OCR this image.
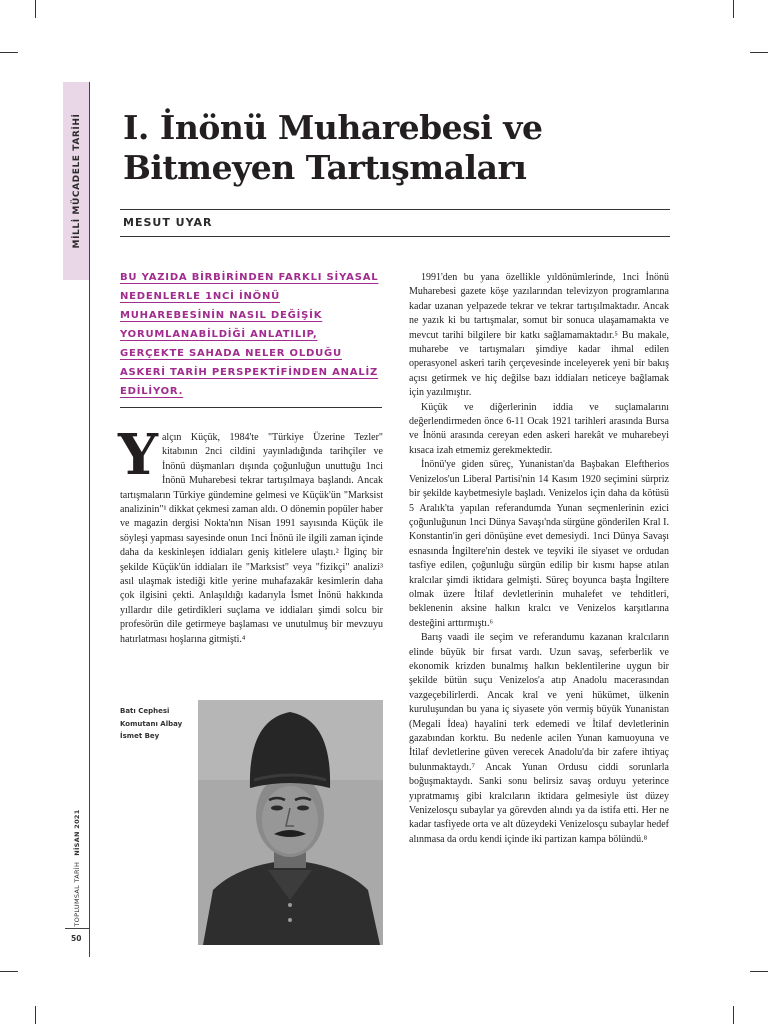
MİLLİ MÜCADELE TARİHİ
TOPLUMSAL TARİHNİSAN 2021
50
I. İnönü Muharebesi ve
Bitmeyen Tartışmaları
MESUT UYAR
BU YAZIDA BİRBİRİNDEN FARKLI SİYASAL NEDENLERLE 1NCİ İNÖNÜ MUHAREBESİNİN NASIL DEĞİŞİK YORUMLANABİLDİĞİ ANLATILIP, GERÇEKTE SAHADA NELER OLDUĞU ASKERİ TARİH PERSPEKTİFİNDEN ANALİZ EDİLİYOR.

Yalçın Küçük, 1984'te "Türkiye Üzerine Tezler" kitabının 2nci cildini yayınladığında tarihçiler ve İnönü düşmanları dışında çoğunluğun unuttuğu 1nci İnönü Muharebesi tekrar tartışılmaya başlandı. Ancak tartışmaların Türkiye gündemine gelmesi ve Küçük'ün "Marksist analizinin"¹ dikkat çekmesi zaman aldı. O dönemin popüler haber ve magazin dergisi Nokta'nın Nisan 1991 sayısında Küçük ile söyleşi yapması sayesinde onun 1nci İnönü ile ilgili zaman içinde daha da keskinleşen iddiaları geniş kitlelere ulaştı.² İlginç bir şekilde Küçük'ün iddiaları ile "Marksist" veya "fizikçi" analizi³ asıl ulaşmak istediği kitle yerine muhafazakâr kesimlerin daha çok ilgisini çekti. Anlaşıldığı kadarıyla İsmet İnönü hakkında yıllardır dile getirdikleri suçlama ve iddiaları şimdi solcu bir profesörün dile getirmeye başlaması ve unutulmuş bir mevzuyu hatırlatması hoşlarına gitmişti.⁴

Batı Cephesi
Komutanı Albay
İsmet Bey

1991'den bu yana özellikle yıldönümlerinde, 1nci İnönü Muharebesi gazete köşe yazılarından televizyon programlarına kadar uzanan yelpazede tekrar ve tekrar tartışılmaktadır. Ancak ne yazık ki bu tartışmalar, somut bir sonuca ulaşamamakta ve mevcut tarihi bilgilere bir katkı sağlamamaktadır.⁵ Bu makale, muharebe ve tartışmaları şimdiye kadar ihmal edilen operasyonel askeri tarih çerçevesinde inceleyerek yeni bir bakış açısı getirmek ve hiç değilse bazı iddiaları neticeye bağlamak için yazılmıştır.

Küçük ve diğerlerinin iddia ve suçlamalarını değerlendirmeden önce 6-11 Ocak 1921 tarihleri arasında Bursa ve İnönü arasında cereyan eden askeri harekât ve muharebeyi kısaca izah etmemiz gerekmektedir.

İnönü'ye giden süreç, Yunanistan'da Başbakan Eleftherios Venizelos'un Liberal Partisi'nin 14 Kasım 1920 seçimini sürpriz bir şekilde kaybetmesiyle başladı. Venizelos için daha da kötüsü 5 Aralık'ta yapılan referandumda Yunan seçmenlerinin ezici çoğunluğunun 1nci Dünya Savaşı'nda sürgüne gönderilen Kral I. Konstantin'in geri dönüşüne evet demesiydi. 1nci Dünya Savaşı esnasında İngiltere'nin destek ve teşviki ile siyaset ve ordudan tasfiye edilen, çoğunluğu sürgün edilip bir kısmı hapse atılan kralcılar şimdi iktidara gelmişti. Süreç boyunca başta İngiltere olmak üzere İtilaf devletlerinin muhalefet ve tehditleri, beklenenin aksine halkın kralcı ve Venizelos karşıtlarına desteğini arttırmıştı.⁶

Barış vaadi ile seçim ve referandumu kazanan kralcıların elinde büyük bir fırsat vardı. Uzun savaş, seferberlik ve ekonomik krizden bunalmış halkın beklentilerine uygun bir şekilde bütün suçu Venizelos'a atıp Anadolu macerasından vazgeçebilirlerdi. Ancak kral ve yeni hükümet, ülkenin kuruluşundan bu yana iç siyasete yön vermiş büyük Yunanistan (Megali İdea) hayalini terk edemedi ve İtilaf devletlerinin gazabından korktu. Bu nedenle acilen Yunan kamuoyuna ve İtilaf devletlerine güven verecek Anadolu'da bir zafere ihtiyaç bulunmaktaydı.⁷ Ancak Yunan Ordusu ciddi sorunlarla boğuşmaktaydı. Sanki sonu belirsiz savaş orduyu yeterince yıpratmamış gibi kralcıların iktidara gelmesiyle üst düzey Venizelosçu subaylar ya görevden alındı ya da istifa etti. Her ne kadar tasfiyede orta ve alt düzeydeki Venizelosçu subaylar hedef alınmasa da ordu kendi içinde iki partizan kampa bölündü.⁸
